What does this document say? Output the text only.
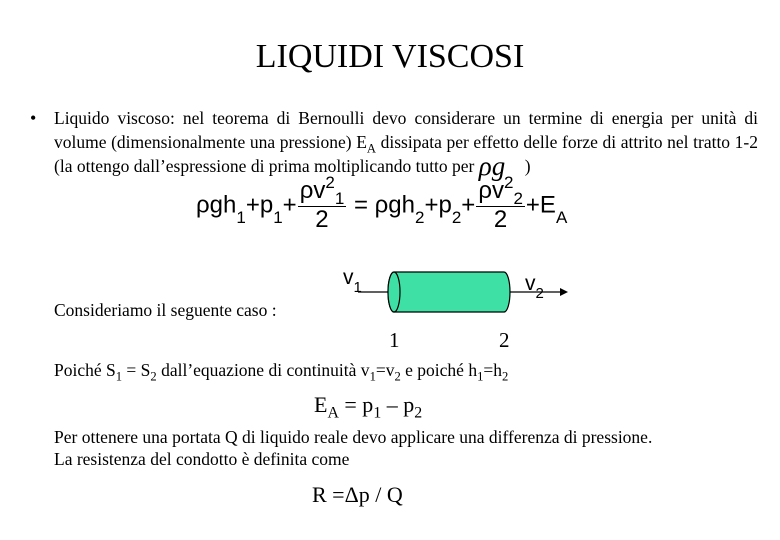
LIQUIDI VISCOSI
• Liquido viscoso: nel teorema di Bernoulli devo considerare un termine di energia per unità di volume (dimensionalmente una pressione) $E_A$ dissipata per effetto delle forze di attrito nel tratto 1-2 (la ottengo dall’espressione di prima moltiplicando tutto per ρg )
$\rho gh_1+p_1+ \frac{\rho v^2_1}{2} = \rho gh_2+p_2+ \frac{\rho v^2_2}{2} +E_A$
Consideriamo il seguente caso :
$v_1$	$v_2$
1	2
Poiché $S_1 = S_2$ dall’equazione di continuità $v_1=v_2$ e poiché $h_1=h_2$
$E_A = p_1 - p_2$
Per ottenere una portata Q di liquido reale devo applicare una differenza di pressione.
La resistenza del condotto è definita come
R =Δp / Q
